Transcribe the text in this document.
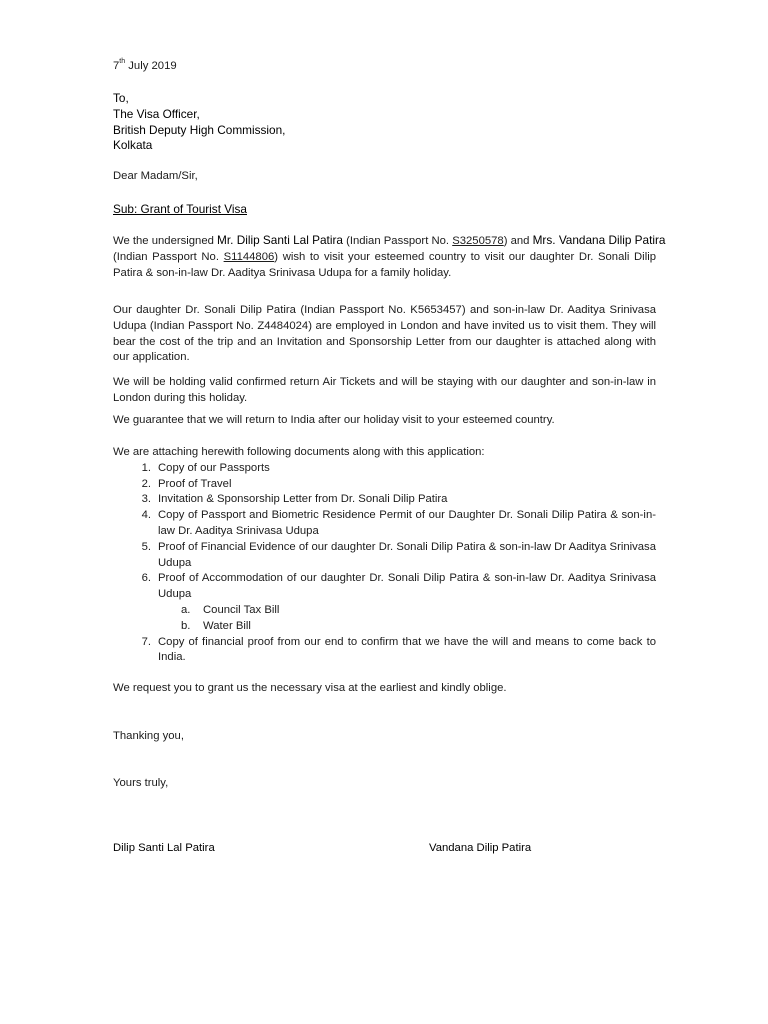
7th July 2019
To,
The Visa Officer,
British Deputy High Commission,
Kolkata
Dear Madam/Sir,
Sub: Grant of Tourist Visa
We the undersigned Mr. Dilip Santi Lal Patira (Indian Passport No. S3250578) and Mrs. Vandana Dilip Patira
(Indian Passport No. S1144806) wish to visit your esteemed country to visit our daughter Dr. Sonali Dilip
Patira & son-in-law Dr. Aaditya Srinivasa Udupa for a family holiday.
Our daughter Dr. Sonali Dilip Patira (Indian Passport No. K5653457) and son-in-law Dr. Aaditya Srinivasa
Udupa (Indian Passport No. Z4484024) are employed in London and have invited us to visit them. They will
bear the cost of the trip and an Invitation and Sponsorship Letter from our daughter is attached along with
our application.
We will be holding valid confirmed return Air Tickets and will be staying with our daughter and son-in-law in
London during this holiday.
We guarantee that we will return to India after our holiday visit to your esteemed country.
We are attaching herewith following documents along with this application:
1. Copy of our Passports
2. Proof of Travel
3. Invitation & Sponsorship Letter from Dr. Sonali Dilip Patira
4. Copy of Passport and Biometric Residence Permit of our Daughter Dr. Sonali Dilip Patira & son-in-
law Dr. Aaditya Srinivasa Udupa
5. Proof of Financial Evidence of our daughter Dr. Sonali Dilip Patira & son-in-law Dr Aaditya Srinivasa
Udupa
6. Proof of Accommodation of our daughter Dr. Sonali Dilip Patira & son-in-law Dr. Aaditya Srinivasa
Udupa
a. Council Tax Bill
b. Water Bill
7. Copy of financial proof from our end to confirm that we have the will and means to come back to
India.
We request you to grant us the necessary visa at the earliest and kindly oblige.
Thanking you,
Yours truly,
Dilip Santi Lal Patira	Vandana Dilip Patira
